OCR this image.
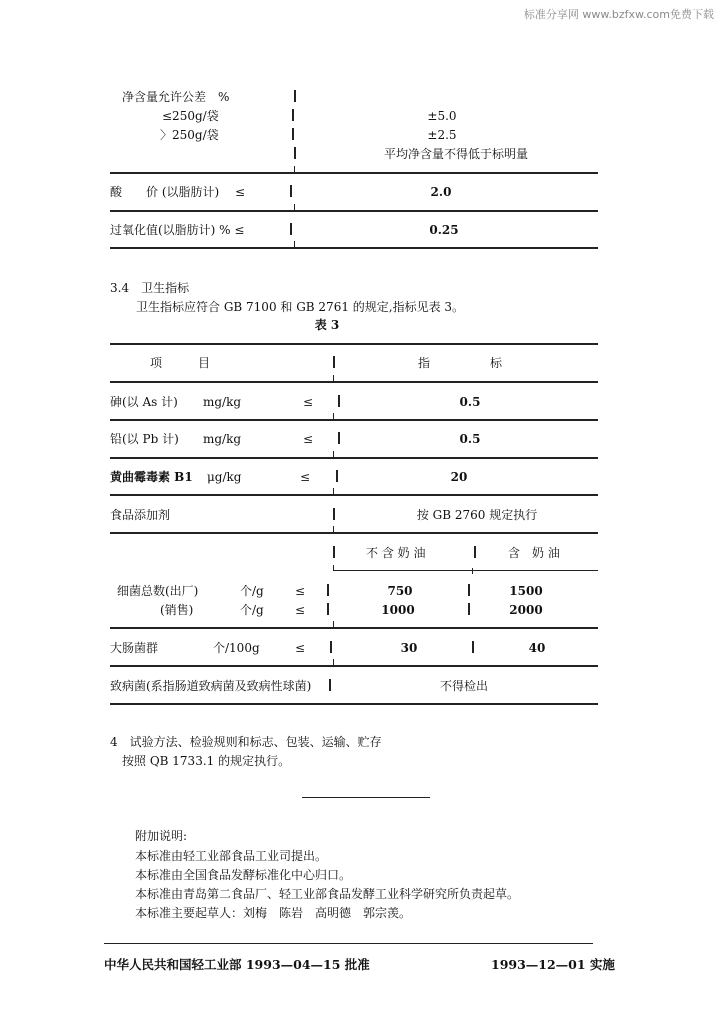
标准分享网 www.bzfxw.com免费下载
净含量允许公差　%
≤250g/袋	±5.0
〉250g/袋	±2.5
平均净含量不得低于标明量
酸　　价 (以脂肪计)　 ≤	2.0
过氧化值(以脂肪计) % ≤	0.25
3.4　卫生指标
卫生指标应符合 GB 7100 和 GB 2761 的规定,指标见表 3。
表 3
项　　　目	指　　　　　标
砷(以 As 计) mg/kg	≤	0.5
铅(以 Pb 计) mg/kg	≤	0.5
黄曲霉毒素 B1 μg/kg	≤	20
食品添加剂	按 GB 2760 规定执行
不 含 奶 油	含　奶 油
细菌总数(出厂)	个/g	≤	750	1500
(销售)	个/g	≤	1000	2000
大肠菌群	个/100g	≤	30	40
致病菌(系指肠道致病菌及致病性球菌)	不得检出
4　试验方法、检验规则和标志、包装、运输、贮存
按照 QB 1733.1 的规定执行。
附加说明:
本标准由轻工业部食品工业司提出。
本标准由全国食品发酵标准化中心归口。
本标准由青岛第二食品厂、轻工业部食品发酵工业科学研究所负责起草。
本标准主要起草人：刘梅　陈岩　高明德　郭宗羡。
中华人民共和国轻工业部 1993—04—15 批准	1993—12—01 实施
